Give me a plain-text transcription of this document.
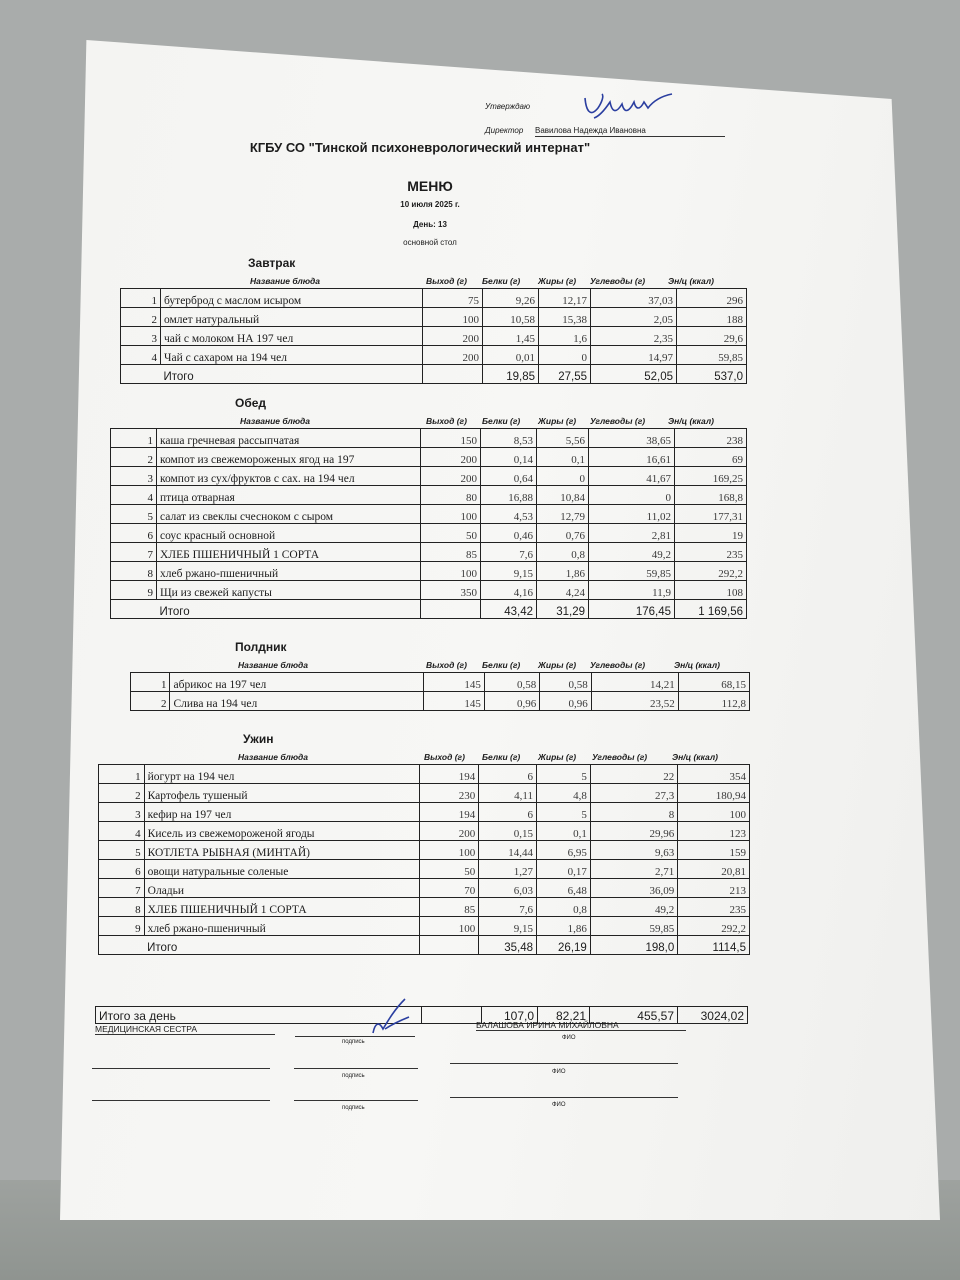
Утверждаю
Директор Вавилова Надежда Ивановна
КГБУ СО "Тинской психоневрологический интернат"
МЕНЮ
10 июля 2025 г.
День: 13
основной стол
Завтрак
Название блюда	Выход (г) Белки (г) Жиры (г) Углеводы (г)	Эн/ц (ккал)
1	бутерброд с маслом исыром	75	9,26	12,17	37,03	296
2	омлет натуральный	100	10,58	15,38	2,05	188
3	чай с молоком НА 197 чел	200	1,45	1,6	2,35	29,6
4	Чай с сахаром на 194 чел	200	0,01	0	14,97	59,85
	Итого		19,85	27,55	52,05	537,0
Обед
Название блюда	Выход (г) Белки (г) Жиры (г) Углеводы (г)	Эн/ц (ккал)
1	каша гречневая рассыпчатая	150	8,53	5,56	38,65	238
2	компот из свежемороженых ягод на 197	200	0,14	0,1	16,61	69
3	компот из сух/фруктов с сах. на 194 чел	200	0,64	0	41,67	169,25
4	птица отварная	80	16,88	10,84	0	168,8
5	салат из свеклы счесноком с сыром	100	4,53	12,79	11,02	177,31
6	соус красный основной	50	0,46	0,76	2,81	19
7	ХЛЕБ ПШЕНИЧНЫЙ 1 СОРТА	85	7,6	0,8	49,2	235
8	хлеб ржано-пшеничный	100	9,15	1,86	59,85	292,2
9	Щи из свежей капусты	350	4,16	4,24	11,9	108
	Итого		43,42	31,29	176,45	1 169,56
Полдник
Название блюда	Выход (г) Белки (г) Жиры (г) Углеводы (г)	Эн/ц (ккал)
1	абрикос на 197 чел	145	0,58	0,58	14,21	68,15
2	Слива на 194 чел	145	0,96	0,96	23,52	112,8
Ужин
Название блюда	Выход (г) Белки (г) Жиры (г) Углеводы (г)	Эн/ц (ккал)
1	йогурт на 194 чел	194	6	5	22	354
2	Картофель тушеный	230	4,11	4,8	27,3	180,94
3	кефир на 197 чел	194	6	5	8	100
4	Кисель из свежемороженой ягоды	200	0,15	0,1	29,96	123
5	КОТЛЕТА РЫБНАЯ (МИНТАЙ)	100	14,44	6,95	9,63	159
6	овощи натуральные соленые	50	1,27	0,17	2,71	20,81
7	Оладьи	70	6,03	6,48	36,09	213
8	ХЛЕБ ПШЕНИЧНЫЙ 1 СОРТА	85	7,6	0,8	49,2	235
9	хлеб ржано-пшеничный	100	9,15	1,86	59,85	292,2
	Итого		35,48	26,19	198,0	1114,5
Итого за день		107,0	82,21	455,57	3024,02
МЕДИЦИНСКАЯ СЕСТРА
подпись
БАЛАШОВА ИРИНА МИХАЙЛОВНА
ФИО
подпись
ФИО
подпись	ФИО
